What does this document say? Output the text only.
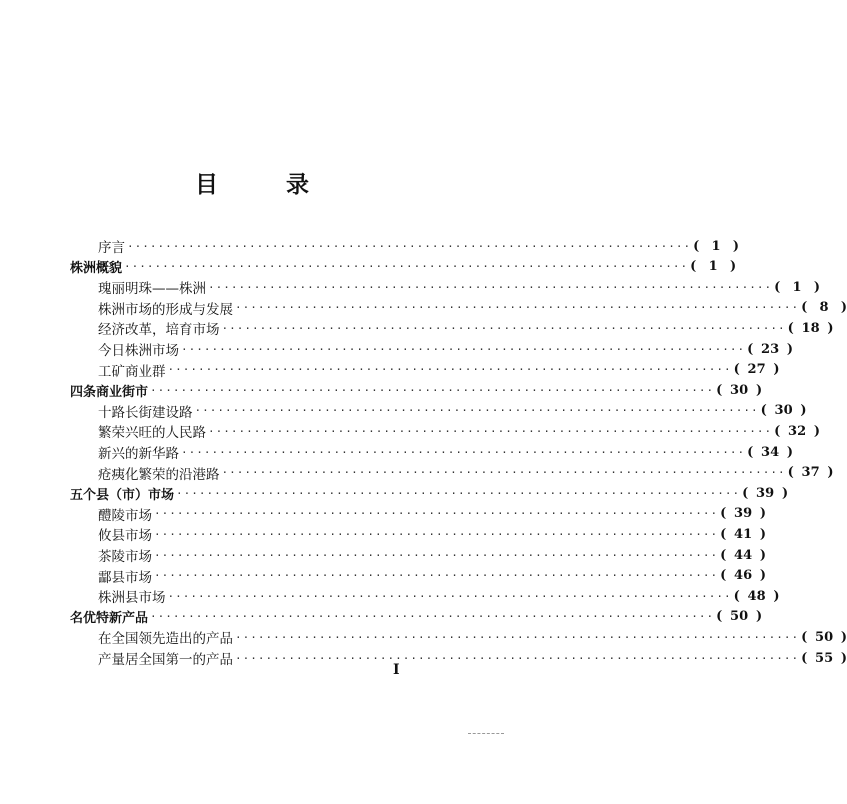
目 录
序言 ·········································································· ( 1 )
株洲概貌 ·········································································· ( 1 )
瑰丽明珠——株洲 ·········································································· ( 1 )
株洲市场的形成与发展 ·········································································· ( 8 )
经济改革，培育市场 ·········································································· ( 18 )
今日株洲市场 ·········································································· ( 23 )
工矿商业群 ·········································································· ( 27 )
四条商业街市 ·········································································· ( 30 )
十路长街建设路 ·········································································· ( 30 )
繁荣兴旺的人民路 ·········································································· ( 32 )
新兴的新华路 ·········································································· ( 34 )
疮痍化繁荣的沿港路 ·········································································· ( 37 )
五个县（市）市场 ·········································································· ( 39 )
醴陵市场 ·········································································· ( 39 )
攸县市场 ·········································································· ( 41 )
茶陵市场 ·········································································· ( 44 )
酃县市场 ·········································································· ( 46 )
株洲县市场 ·········································································· ( 48 )
名优特新产品 ·········································································· ( 50 )
在全国领先造出的产品 ·········································································· ( 50 )
产量居全国第一的产品 ·········································································· ( 55 )
I
